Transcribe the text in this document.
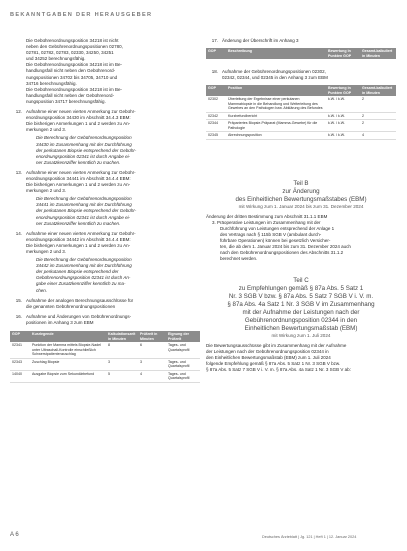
BEKANNTGABEN DER HERAUSGEBER

Die Gebührenordnungsposition 34218 ist nicht

neben den Gebührenordnungspositionen 02780,

02781, 02782, 02783, 02330, 34250, 34251

und 34252 berechnungsfähig.

Die Gebührenordnungsposition 34218 ist im Be-

handlungsfall nicht neben den Gebührenord-

nungspositionen 34702 bis 34705, 34710 und

34716 berechnungsfähig.

Die Gebührenordnungsposition 34218 ist im Be-

handlungsfall nicht neben der Gebührenord-

nungsposition 34717 berechnungsfähig.

12. Aufnahme einer neuen vierten Anmerkung zur Gebühr-

enordnungsposition 34430 im Abschnitt 34.4.3 EBM:

Die bisherigen Anmerkungen 1 und 2 werden zu An-

merkungen 2 und 3.

Die Berechnung der Gebührenordnungsposition

34430 im Zusammenhang mit der Durchführung

der perkutanen Biopsie entsprechend der Gebühr-

enordnungsposition 02341 ist durch Angabe ei-

ner Zusatzkennziffer kenntlich zu machen.

13. Aufnahme einer neuen vierten Anmerkung zur Gebühr-

enordnungsposition 34441 im Abschnitt 34.4.4 EBM:

Die bisherigen Anmerkungen 1 und 2 werden zu An-

merkungen 2 und 3.

Die Berechnung der Gebührenordnungsposition

34441 im Zusammenhang mit der Durchführung

der perkutanen Biopsie entsprechend der Gebühr-

enordnungsposition 02341 ist durch Angabe ei-

ner Zusatzkennziffer kenntlich zu machen.

14. Aufnahme einer neuen vierten Anmerkung zur Gebühr-

enordnungsposition 34442 im Abschnitt 34.4.4 EBM:

Die bisherigen Anmerkungen 1 und 2 werden zu An-

merkungen 2 und 3.

Die Berechnung der Gebührenordnungsposition

34442 im Zusammenhang mit der Durchführung

der perkutanen Biopsie entsprechend der

Gebührenordnungsposition 02341 ist durch An-

gabe einer Zusatzkennziffer kenntlich zu ma-

chen.

15. Aufnahme der analogen Berechnungsausschlüsse für

die genannten Gebührenordnungspositionen

16. Aufnahme und Änderungen von Gebührenordnungs-

positionen im Anhang 3 zum EBM

GOP	Kurzlegende	Kalkulationszeit in Minuten	Prüfzeit in Minuten	Eignung der Prüfzeit
02341	Punktion der Mamma mittels Biopsie-Nadel unter Ultraschall-Kontrolle einschließlich Schwerstpatientenzuschlag	8	6	Tages- und Quartalsprofil
02343	Zuschlag Biopsie	3	3	Tages- und Quartalsprofil
14040	Ausgabe Biopsie zum Sekundärbefund	5	4	Tages- und Quartalsprofil
17. Änderung der Überschrift im Anhang 3

GOP	Beschreibung	Bewertung in Punkten GOP	Gesamt-kalkuliert in Minuten
18. Aufnahme der Gebührenordnungspositionen 02302,

02342, 02344, und 02345 in den Anhang 3 zum EBM

GOP	Position	Bewertung in Punkten GOP	Gesamt-kalkuliert in Minuten
02302	Überleitung der Ergebnisse einer perkutanen Mammabiopsie in die Behandlung und Weiterleitung des Gewebes an den Pathologen bzw. Abklärung des Befundes	k.W. / k.W.	2
02342	Kurzbefundbericht	k.W. / k.W.	2
02344	Präpariertes Biopsie-Präparat (Mamma-Gewebe) für die Pathologie	k.W. / k.W.	2
02345	Abrechnungsposition	k.W. / k.W.	4

Teil B

zur Änderung

des Einheitlichen Bewertungsmaßstabes (EBM)

mit Wirkung zum 1. Januar 2024 bis zum 31. Dezember 2024

Änderung der dritten Bestimmung zum Abschnitt 31.1.1 EBM

3. Präoperative Leistungen im Zusammenhang mit der

Durchführung von Leistungen entsprechend der Anlage 1

des Vertrags nach § 115b SGB V (ambulant durch-

führbare Operationen) können bei gesetzlich Versicher-

ten, die ab dem 1. Januar 2024 bis zum 31. Dezember 2024 auch

nach den Gebührenordnungspositionen des Abschnitts 31.1.2

berechnet werden.

Teil C

zu Empfehlungen gemäß § 87a Abs. 5 Satz 1

Nr. 3 SGB V bzw. § 87a Abs. 5 Satz 7 SGB V i. V. m.

§ 87a Abs. 4a Satz 1 Nr. 3 SGB V im Zusammenhang

mit der Aufnahme der Leistungen nach der

Gebührenordnungsposition 02344 in den

Einheitlichen Bewertungsmaßstab (EBM)

mit Wirkung zum 1. Juli 2024

Die Bewertungsausschüsse gibt im Zusammenhang mit der Aufnahme

der Leistungen nach der Gebührenordnungsposition 02344 in

den Einheitlichen Bewertungsmaßstab (EBM) zum 1. Juli 2024

folgende Empfehlung gemäß § 87a Abs. 5 Satz 1 Nr. 3 SGB V bzw.

§ 87a Abs. 5 Satz 7 SGB V i. V. m. § 87a Abs. 4a Satz 1 Nr. 3 SGB V ab:

A 6	Deutsches Ärzteblatt | Jg. 121 | Heft 1 | 12. Januar 2024
